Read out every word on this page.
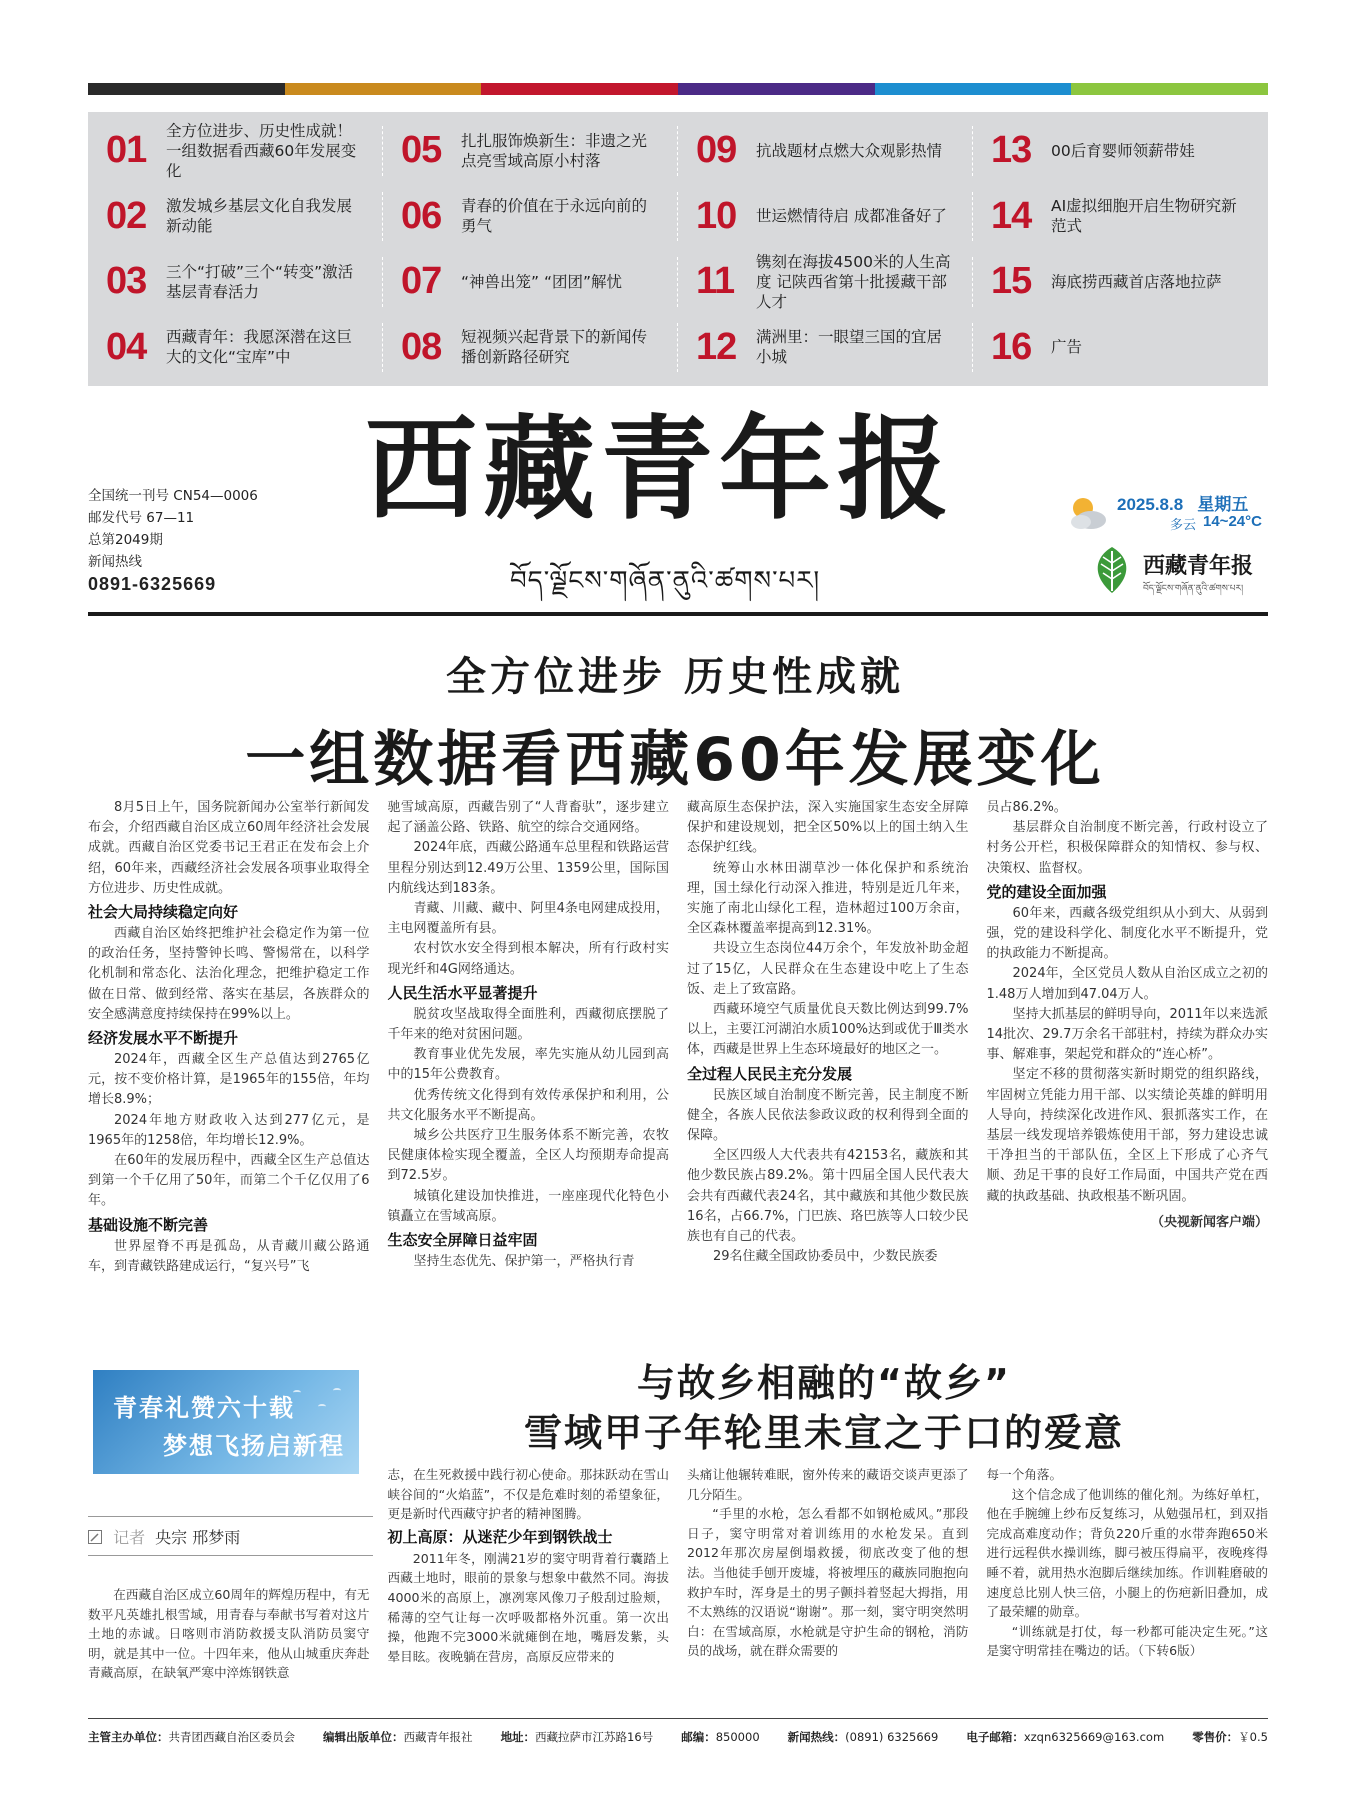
01	全方位进步、历史性成就！一组数据看西藏60年发展变化
02	激发城乡基层文化自我发展新动能
03	三个“打破”三个“转变”激活基层青春活力
04	西藏青年：我愿深潜在这巨大的文化“宝库”中
05	扎扎服饰焕新生：非遗之光点亮雪域高原小村落
06	青春的价值在于永远向前的勇气
07	“神兽出笼” “团团”解忧
08	短视频兴起背景下的新闻传播创新路径研究
09	抗战题材点燃大众观影热情
10	世运燃情待启 成都准备好了
11	镌刻在海拔4500米的人生高度 记陕西省第十批援藏干部人才
12	满洲里：一眼望三国的宜居小城
13	00后育婴师领薪带娃
14	AI虚拟细胞开启生物研究新范式
15	海底捞西藏首店落地拉萨
16	广告
全国统一刊号 CN54—0006
邮发代号 67—11
总第2049期
新闻热线
0891-6325669
西藏青年报
བོད་ལྗོངས་གཞོན་ནུའི་ཚགས་པར།
2025.8.8 星期五
多云 14~24°C
西藏青年报
བོད་ལྗོངས་གཞོན་ནུའི་ཚགས་པར།
全方位进步 历史性成就
一组数据看西藏60年发展变化

8月5日上午，国务院新闻办公室举行新闻发布会，介绍西藏自治区成立60周年经济社会发展成就。西藏自治区党委书记王君正在发布会上介绍，60年来，西藏经济社会发展各项事业取得全方位进步、历史性成就。

社会大局持续稳定向好

西藏自治区始终把维护社会稳定作为第一位的政治任务，坚持警钟长鸣、警惕常在，以科学化机制和常态化、法治化理念，把维护稳定工作做在日常、做到经常、落实在基层，各族群众的安全感满意度持续保持在99%以上。

经济发展水平不断提升

2024年，西藏全区生产总值达到2765亿元，按不变价格计算，是1965年的155倍，年均增长8.9%；

2024年地方财政收入达到277亿元，是1965年的1258倍，年均增长12.9%。

在60年的发展历程中，西藏全区生产总值达到第一个千亿用了50年，而第二个千亿仅用了6年。

基础设施不断完善

世界屋脊不再是孤岛，从青藏川藏公路通车，到青藏铁路建成运行，“复兴号”飞

驰雪域高原，西藏告别了“人背畜驮”，逐步建立起了涵盖公路、铁路、航空的综合交通网络。

2024年底，西藏公路通车总里程和铁路运营里程分别达到12.49万公里、1359公里，国际国内航线达到183条。

青藏、川藏、藏中、阿里4条电网建成投用，主电网覆盖所有县。

农村饮水安全得到根本解决，所有行政村实现光纤和4G网络通达。

人民生活水平显著提升

脱贫攻坚战取得全面胜利，西藏彻底摆脱了千年来的绝对贫困问题。

教育事业优先发展，率先实施从幼儿园到高中的15年公费教育。

优秀传统文化得到有效传承保护和利用，公共文化服务水平不断提高。

城乡公共医疗卫生服务体系不断完善，农牧民健康体检实现全覆盖，全区人均预期寿命提高到72.5岁。

城镇化建设加快推进，一座座现代化特色小镇矗立在雪域高原。

生态安全屏障日益牢固

坚持生态优先、保护第一，严格执行青

藏高原生态保护法，深入实施国家生态安全屏障保护和建设规划，把全区50%以上的国土纳入生态保护红线。

统筹山水林田湖草沙一体化保护和系统治理，国土绿化行动深入推进，特别是近几年来，实施了南北山绿化工程，造林超过100万余亩，全区森林覆盖率提高到12.31%。

共设立生态岗位44万余个，年发放补助金超过了15亿，人民群众在生态建设中吃上了生态饭、走上了致富路。

西藏环境空气质量优良天数比例达到99.7%以上，主要江河湖泊水质100%达到或优于Ⅲ类水体，西藏是世界上生态环境最好的地区之一。

全过程人民民主充分发展

民族区域自治制度不断完善，民主制度不断健全，各族人民依法参政议政的权利得到全面的保障。

全区四级人大代表共有42153名，藏族和其他少数民族占89.2%。第十四届全国人民代表大会共有西藏代表24名，其中藏族和其他少数民族16名，占66.7%，门巴族、珞巴族等人口较少民族也有自己的代表。

29名住藏全国政协委员中，少数民族委

员占86.2%。

基层群众自治制度不断完善，行政村设立了村务公开栏，积极保障群众的知情权、参与权、决策权、监督权。

党的建设全面加强

60年来，西藏各级党组织从小到大、从弱到强，党的建设科学化、制度化水平不断提升，党的执政能力不断提高。

2024年，全区党员人数从自治区成立之初的1.48万人增加到47.04万人。

坚持大抓基层的鲜明导向，2011年以来选派14批次、29.7万余名干部驻村，持续为群众办实事、解难事，架起党和群众的“连心桥”。

坚定不移的贯彻落实新时期党的组织路线，牢固树立凭能力用干部、以实绩论英雄的鲜明用人导向，持续深化改进作风、狠抓落实工作，在基层一线发现培养锻炼使用干部，努力建设忠诚干净担当的干部队伍，全区上下形成了心齐气顺、劲足干事的良好工作局面，中国共产党在西藏的执政基础、执政根基不断巩固。

（央视新闻客户端）
青春礼赞六十载
梦想飞扬启新程
与故乡相融的“故乡”
雪域甲子年轮里未宣之于口的爱意
记者 央宗 邢梦雨

在西藏自治区成立60周年的辉煌历程中，有无数平凡英雄扎根雪域，用青春与奉献书写着对这片土地的赤诚。日喀则市消防救援支队消防员窦守明，就是其中一位。十四年来，他从山城重庆奔赴青藏高原，在缺氧严寒中淬炼钢铁意

志，在生死救援中践行初心使命。那抹跃动在雪山峡谷间的“火焰蓝”，不仅是危难时刻的希望象征，更是新时代西藏守护者的精神图腾。

初上高原：从迷茫少年到钢铁战士

2011年冬，刚满21岁的窦守明背着行囊踏上西藏土地时，眼前的景象与想象中截然不同。海拔4000米的高原上，凛冽寒风像刀子般刮过脸颊，稀薄的空气让每一次呼吸都格外沉重。第一次出操，他跑不完3000米就瘫倒在地，嘴唇发紫，头晕目眩。夜晚躺在营房，高原反应带来的

头痛让他辗转难眠，窗外传来的藏语交谈声更添了几分陌生。

“手里的水枪，怎么看都不如钢枪威风。”那段日子，窦守明常对着训练用的水枪发呆。直到2012年那次房屋倒塌救援，彻底改变了他的想法。当他徒手刨开废墟，将被埋压的藏族同胞抱向救护车时，浑身是土的男子颤抖着竖起大拇指，用不太熟练的汉语说“谢谢”。那一刻，窦守明突然明白：在雪域高原，水枪就是守护生命的钢枪，消防员的战场，就在群众需要的

每一个角落。

这个信念成了他训练的催化剂。为练好单杠，他在手腕缠上纱布反复练习，从勉强吊杠，到双指完成高难度动作；背负220斤重的水带奔跑650米进行远程供水操训练，脚弓被压得扁平，夜晚疼得睡不着，就用热水泡脚后继续加练。作训鞋磨破的速度总比别人快三倍，小腿上的伤疤新旧叠加，成了最荣耀的勋章。

“训练就是打仗，每一秒都可能决定生死。”这是窦守明常挂在嘴边的话。（下转6版）

主管主办单位：共青团西藏自治区委员会 编辑出版单位：西藏青年报社 地址：西藏拉萨市江苏路16号 邮编：850000 新闻热线：(0891) 6325669 电子邮箱：xzqn6325669@163.com 零售价：￥0.5
